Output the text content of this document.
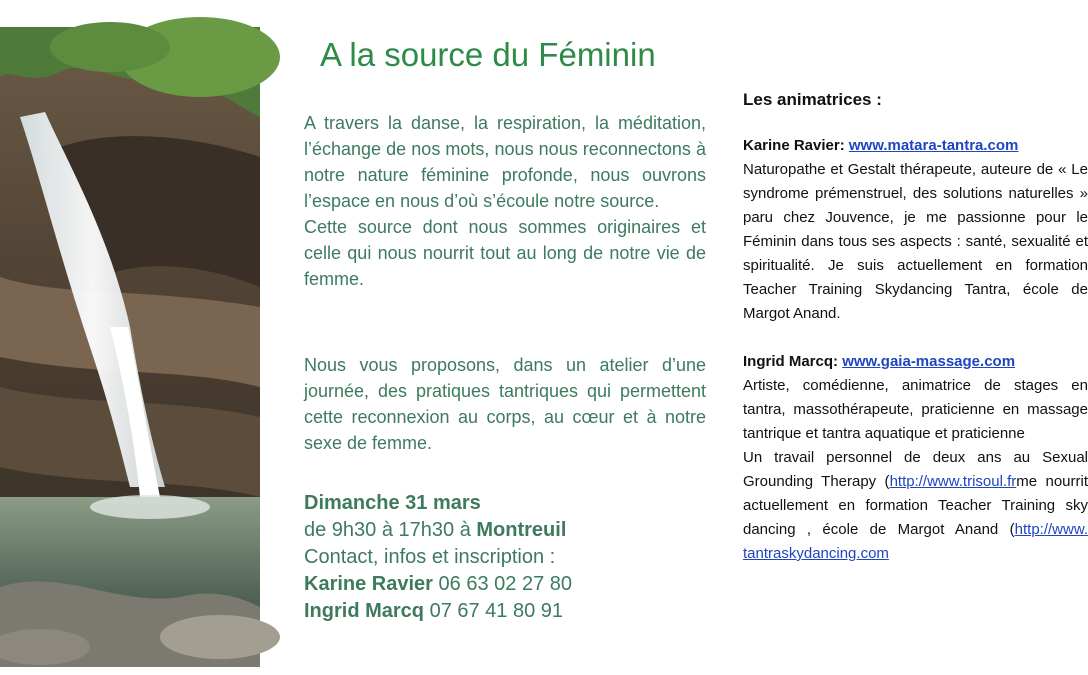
A la source du Féminin

A travers la danse, la respiration, la méditation, l’échange de nos mots, nous nous reconnectons à notre nature féminine profonde, nous ouvrons l’espace en nous d’où s’écoule notre source.

Cette source dont nous sommes originaires et celle qui nous nourrit tout au long de notre vie de femme.

Nous vous proposons, dans un atelier d’une journée, des pratiques tantriques qui permettent cette reconnexion au corps, au cœur et à notre sexe de femme.

Dimanche 31 mars
de 9h30 à 17h30 à Montreuil
Contact, infos et inscription :
Karine Ravier 06 63 02 27 80
Ingrid Marcq 07 67 41 80 91
Les animatrices :
Karine Ravier: www.matara-tantra.com

Naturopathe et Gestalt thérapeute, auteure de « Le syndrome prémenstruel, des solutions naturelles » paru chez Jouvence, je me passionne pour le Féminin dans tous ses aspects : santé, sexualité et spiritualité. Je suis actuellement en formation Teacher Training Skydancing Tantra, école de Margot Anand.

Ingrid Marcq: www.gaia-massage.com

Artiste, comédienne, animatrice de stages en tantra, massothérapeute, praticienne en massage tantrique et tantra aquatique et praticienne

Un travail personnel de deux ans au Sexual Grounding Therapy (http://www.trisoul.frme nourrit actuellement en formation Teacher Training sky dancing , école de Margot Anand (http://www. tantraskydancing.com
